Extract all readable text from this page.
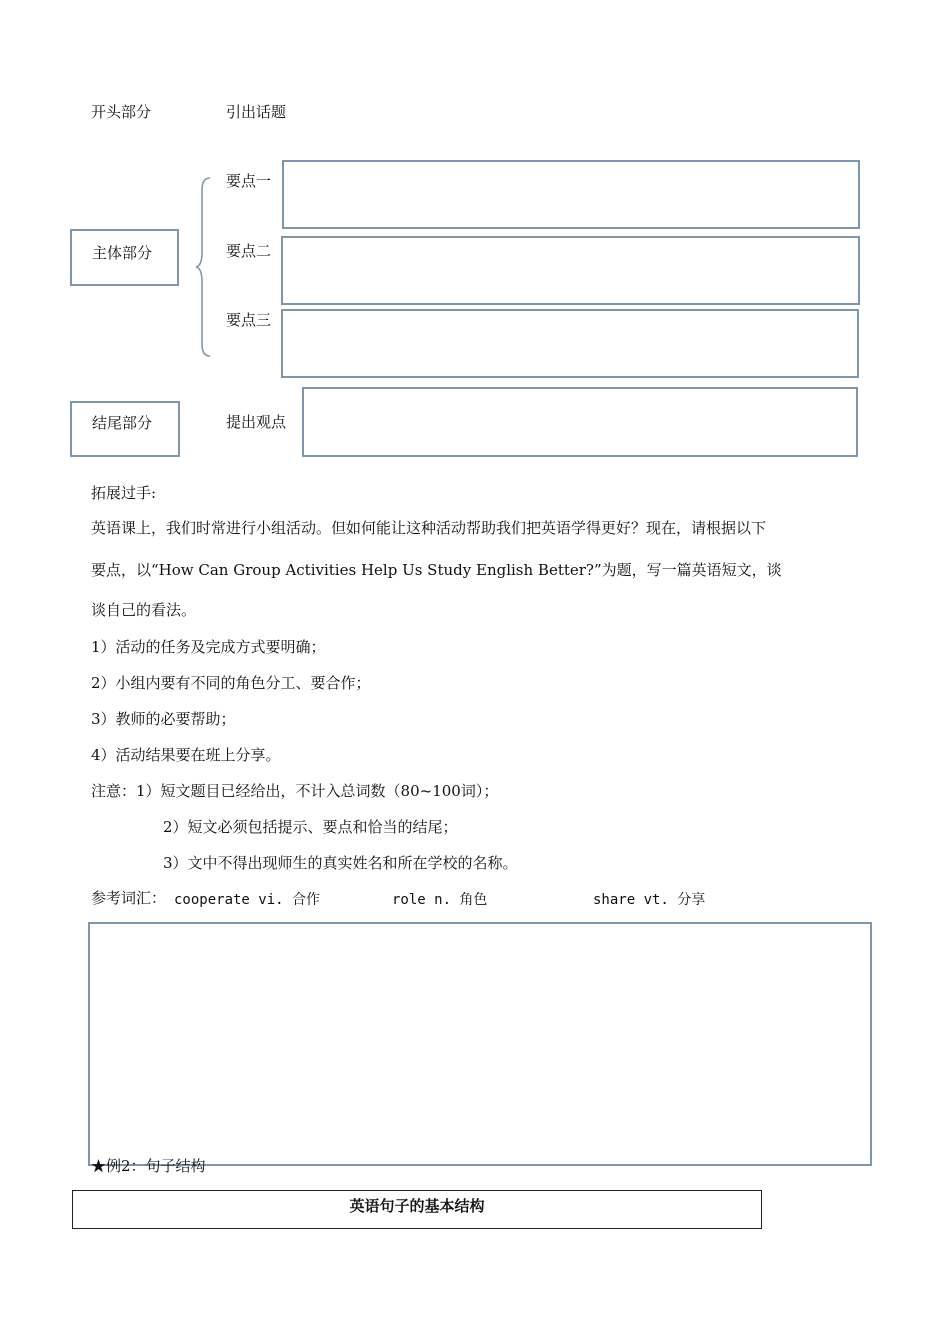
开头部分	引出话题
主体部分
要点一
要点二
要点三
结尾部分	提出观点
拓展过手:
英语课上，我们时常进行小组活动。但如何能让这种活动帮助我们把英语学得更好？现在，请根据以下
要点，以“How Can Group Activities Help Us Study English Better?”为题，写一篇英语短文，谈
谈自己的看法。
1）活动的任务及完成方式要明确；
2）小组内要有不同的角色分工、要合作；
3）教师的必要帮助；
4）活动结果要在班上分享。
注意：1）短文题目已经给出，不计入总词数（80~100词）；
2）短文必须包括提示、要点和恰当的结尾；
3）文中不得出现师生的真实姓名和所在学校的名称。
参考词汇： cooperate vi. 合作	role n. 角色	share vt. 分享
★例2：句子结构
英语句子的基本结构
